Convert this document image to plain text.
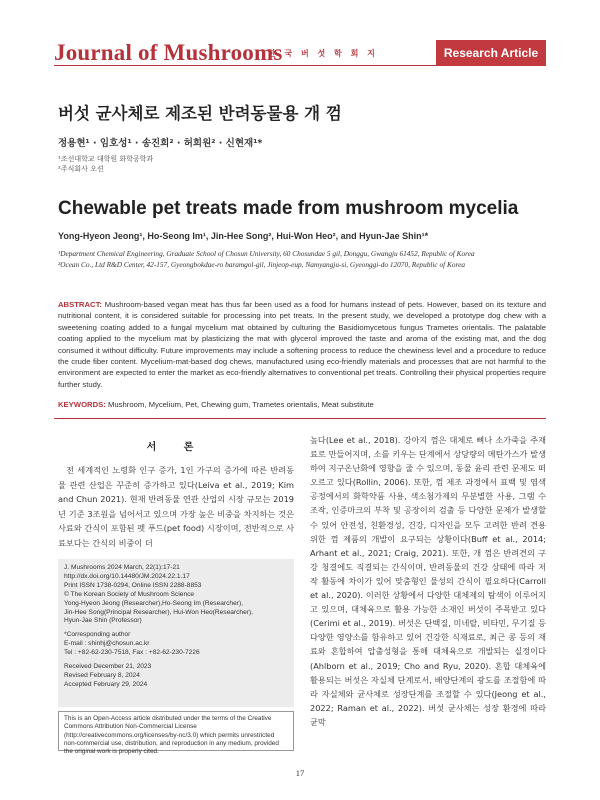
Journal of Mushrooms
한 국 버 섯 학 회 지	Research Article
버섯 균사체로 제조된 반려동물용 개 껌
정용현¹ · 임호성¹ · 송진희² · 허희원² · 신현재¹*

¹조선대학교 대학원 화학공학과

²주식회사 오션

Chewable pet treats made from mushroom mycelia
Yong-Hyeon Jeong¹, Ho-Seong Im¹, Jin-Hee Song², Hui-Won Heo², and Hyun-Jae Shin¹*

¹Department Chemical Engineering, Graduate School of Chosun University, 60 Chosundae 5 gil, Donggu, Gwangju 61452, Republic of Korea

²Ocean Co., Ltd R&D Center, 42-157, Gyeongbokdae-ro baramgol-gil, Jinjeop-eup, Namyangju-si, Gyeonggi-do 12070, Republic of Korea

ABSTRACT: Mushroom-based vegan meat has thus far been used as a food for humans instead of pets. However, based on its texture and nutritional content, it is considered suitable for processing into pet treats. In the present study, we developed a prototype dog chew with a sweetening coating added to a fungal mycelium mat obtained by culturing the Basidiomycetous fungus Trametes orientalis. The palatable coating applied to the mycelium mat by plasticizing the mat with glycerol improved the taste and aroma of the existing mat, and the dog consumed it without difficulty. Future improvements may include a softening process to reduce the chewiness level and a procedure to reduce the crude fiber content. Mycelium-mat-based dog chews, manufactured using eco-friendly materials and processes that are not harmful to the environment are expected to enter the market as eco-friendly alternatives to conventional pet treats. Controlling their physical properties require further study.
KEYWORDS: Mushroom, Mycelium, Pet, Chewing gum, Trametes orientalis, Meat substitute
서 론
전 세계적인 노령화 인구 증가, 1인 가구의 증가에 따른 반려동물 관련 산업은 꾸준히 증가하고 있다(Leiva et al., 2019; Kim and Chun 2021). 현재 반려동물 연관 산업의 시장 규모는 2019년 기준 3조원을 넘어서고 있으며 가장 높은 비중을 차지하는 것은 사료와 간식이 포함된 펫 푸드(pet food) 시장이며, 전반적으로 사료보다는 간식의 비중이 더
J. Mushrooms 2024 March, 22(1):17-21
http://dx.doi.org/10.14480/JM.2024.22.1.17
Print ISSN 1738-0294, Online ISSN 2288-8853
© The Korean Society of Mushroom Science
Yong-Hyeon Jeong (Researcher),Ho-Seong Im (Researcher),
Jin-Hee Song(Principal Researcher), Hui-Won Heo(Researcher),
Hyun-Jae Shin (Professor)
*Corresponding author
E-mail : shinhj@chosun.ac.kr
Tel : +82-62-230-7518, Fax : +82-62-230-7226
Received December 21, 2023
Revised February 8, 2024
Accepted February 29, 2024
This is an Open-Access article distributed under the terms of the Creative Commons Attribution Non-Commercial License (http://creativecommons.org/licenses/by-nc/3.0) which permits unrestricted non-commercial use, distribution, and reproduction in any medium, provided the original work is properly cited.
높다(Lee et al., 2018). 강아지 껌은 대체로 뼈나 소가죽을 주재료로 만들어지며, 소를 키우는 단계에서 상당량의 메탄가스가 발생하여 지구온난화에 영향을 줄 수 있으며, 동물 윤리 관련 문제도 떠오르고 있다(Rollin, 2006). 또한, 껌 제조 과정에서 표백 및 염색 공정에서의 화학약품 사용, 색소첨가제의 무분별한 사용, 그램 수 조작, 인증마크의 부착 및 공장이의 검출 등 다양한 문제가 발생할 수 있어 안전성, 친환경성, 건강, 디자인을 모두 고려한 반려 견용 위한 껌 제품의 개발이 요구되는 상황이다(Buff et al., 2014; Arhant et al., 2021; Craig, 2021). 또한, 개 껌은 반려견의 구강 청결에도 직결되는 간식이며, 반려동물의 건강 상태에 따라 저작 활동에 차이가 있어 맞춤형인 물성의 간식이 필요하다(Carroll et al., 2020). 이러한 상황에서 다양한 대체제의 탐색이 이루어지고 있으며, 대체육으로 활용 가능한 소재인 버섯이 주목받고 있다(Cerimi et al., 2019). 버섯은 단백질, 미네랄, 비타민, 무기질 등 다양한 영양소를 함유하고 있어 건강한 식재료로, 최근 콩 등의 재료와 혼합하여 압출성형을 통해 대체육으로 개발되는 실정이다(Ahlborn et al., 2019; Cho and Ryu, 2020). 혼합 대체육에 활용되는 버섯은 자실체 단계로서, 배양단계의 광도를 조절함에 따라 자실체와 균사체로 성장단계를 조절할 수 있다(Jeong et al., 2022; Raman et al., 2022). 버섯 균사체는 성장 환경에 따라 균막
17
